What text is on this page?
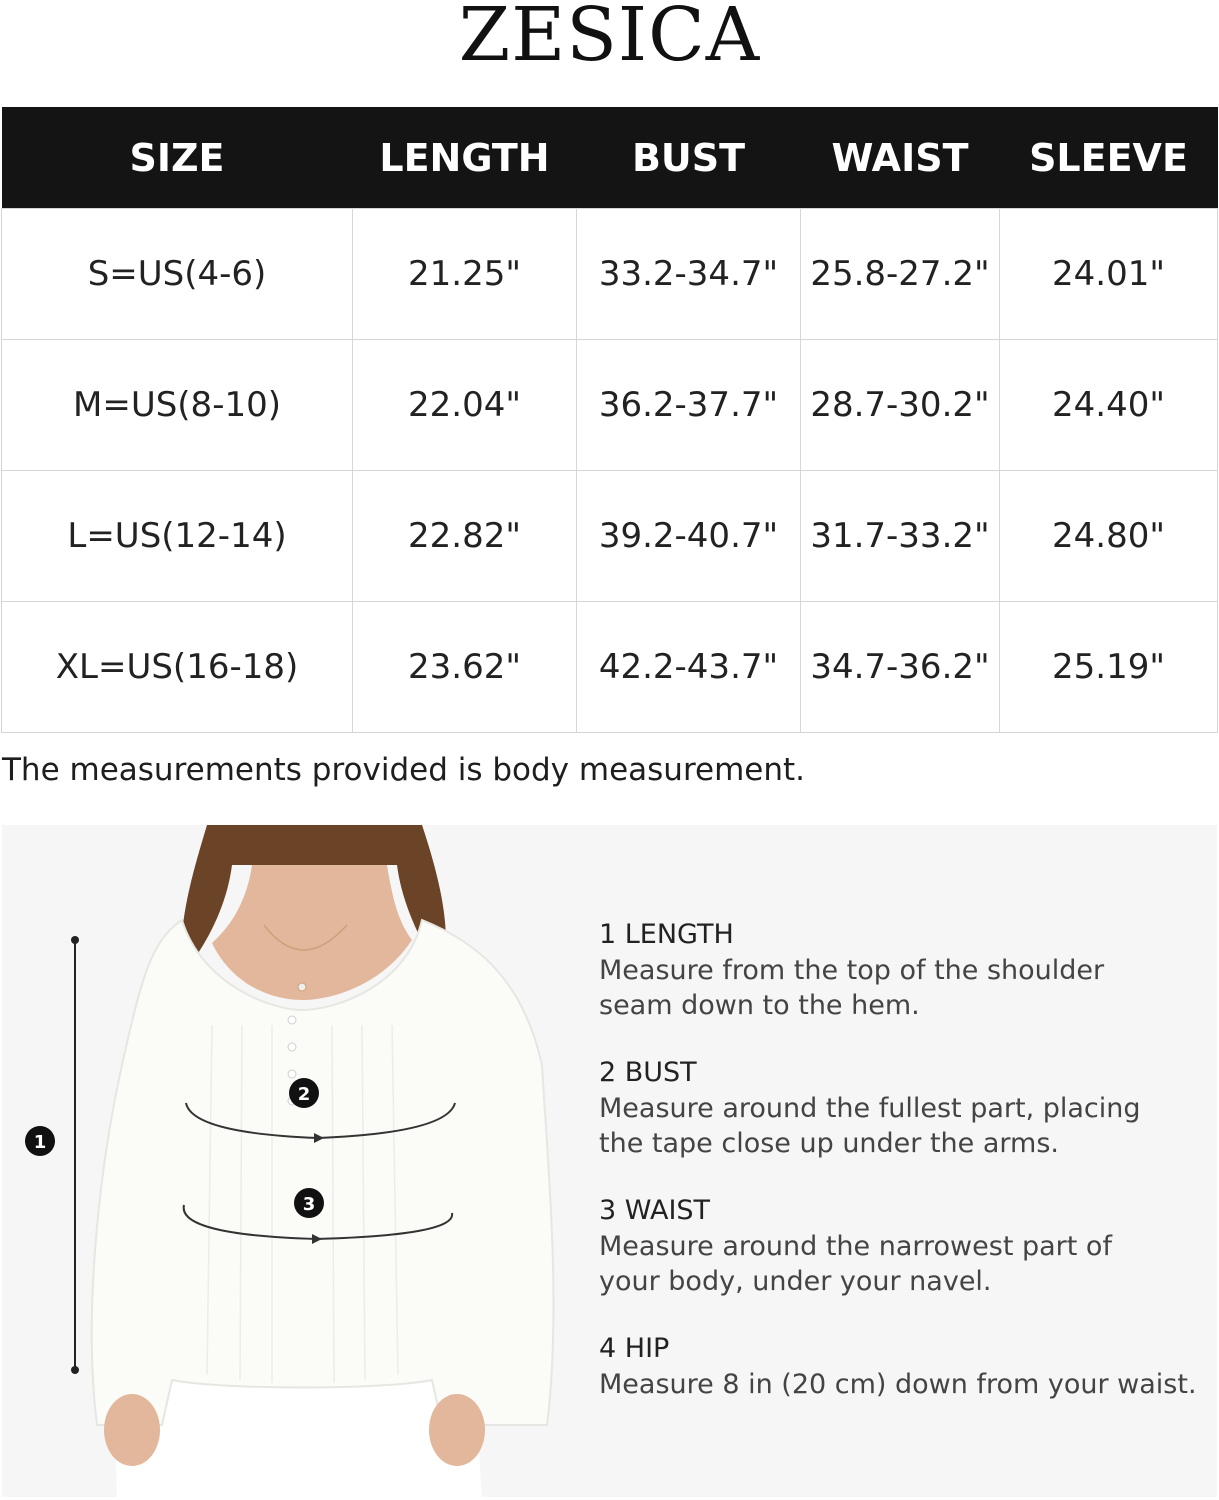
ZESICA
SIZE	LENGTH	BUST	WAIST	SLEEVE
S=US(4-6)	21.25"	33.2-34.7"	25.8-27.2"	24.01"
M=US(8-10)	22.04"	36.2-37.7"	28.7-30.2"	24.40"
L=US(12-14)	22.82"	39.2-40.7"	31.7-33.2"	24.80"
XL=US(16-18)	23.62"	42.2-43.7"	34.7-36.2"	25.19"
The measurements provided is body measurement.
1
2
3
1 LENGTH
Measure from the top of the shoulder
seam down to the hem.
2 BUST
Measure around the fullest part, placing
the tape close up under the arms.
3 WAIST
Measure around the narrowest part of
your body, under your navel.
4 HIP
Measure 8 in (20 cm) down from your waist.
